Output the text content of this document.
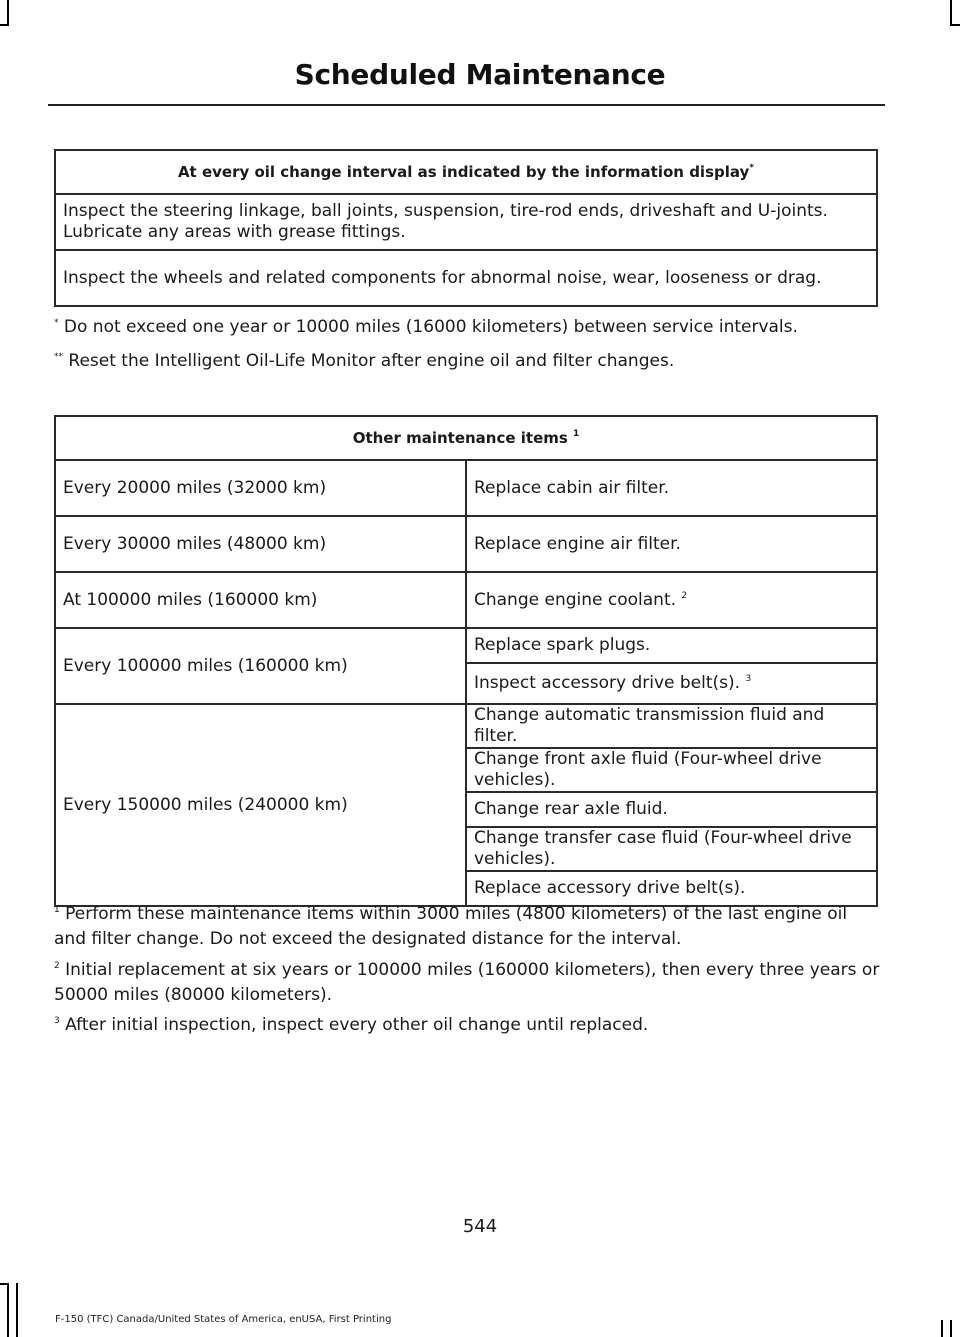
Scheduled Maintenance
At every oil change interval as indicated by the information display*
Inspect the steering linkage, ball joints, suspension, tire-rod ends, driveshaft and U-joints. Lubricate any areas with grease fittings.
Inspect the wheels and related components for abnormal noise, wear, looseness or drag.
* Do not exceed one year or 10000 miles (16000 kilometers) between service intervals.
** Reset the Intelligent Oil-Life Monitor after engine oil and filter changes.
Other maintenance items $^1$
Every 20000 miles (32000 km)	Replace cabin air filter.
Every 30000 miles (48000 km)	Replace engine air filter.
At 100000 miles (160000 km)	Change engine coolant. $^2$
Every 100000 miles (160000 km)	Replace spark plugs.
	Inspect accessory drive belt(s). $^3$
Every 150000 miles (240000 km)	Change automatic transmission fluid and filter.
	Change front axle fluid (Four-wheel drive vehicles).
	Change rear axle fluid.
	Change transfer case fluid (Four-wheel drive vehicles).
	Replace accessory drive belt(s).
$^1$ Perform these maintenance items within 3000 miles (4800 kilometers) of the last engine oil and filter change. Do not exceed the designated distance for the interval.
$^2$ Initial replacement at six years or 100000 miles (160000 kilometers), then every three years or 50000 miles (80000 kilometers).
$^3$ After initial inspection, inspect every other oil change until replaced.
544
F-150 (TFC) Canada/United States of America, enUSA, First Printing
